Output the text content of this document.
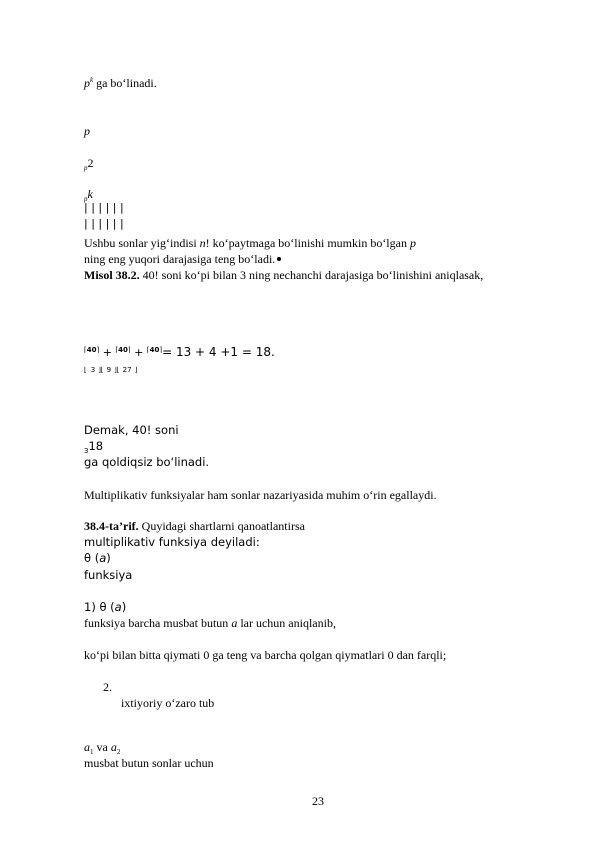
$p^k$ ga bo‘linadi.
p
$_p$2
$_p$k
| | | | | |
| | | | | |
Ushbu sonlar yig‘indisi n! ko‘paytmaga bo‘linishi mumkin bo‘lgan p
ning eng yuqori darajasiga teng bo‘ladi.
Misol 38.2. 40! soni ko‘pi bilan 3 ning nechanchi darajasiga bo‘linishini aniqlasak,
$^{⌈40⌉}$ + $^{⌈40⌉}$ + $^{⌈40⌉}$= 13 + 4 +1 = 18.
⌊ 3 ⌋⌊ 9 ⌋⌊ 27 ⌋
Demak, 40! soni
$_3$18
ga qoldiqsiz bo‘linadi.
Multiplikativ funksiyalar ham sonlar nazariyasida muhim o‘rin egallaydi.
38.4-ta’rif. Quyidagi shartlarni qanoatlantirsa
multiplikativ funksiya deyiladi:
θ (a)
funksiya
1) θ (a)
funksiya barcha musbat butun a lar uchun aniqlanib,
ko‘pi bilan bitta qiymati 0 ga teng va barcha qolgan qiymatlari 0 dan farqli;
2.
ixtiyoriy o‘zaro tub
$a_1$ va $a_2$
musbat butun sonlar uchun
23
